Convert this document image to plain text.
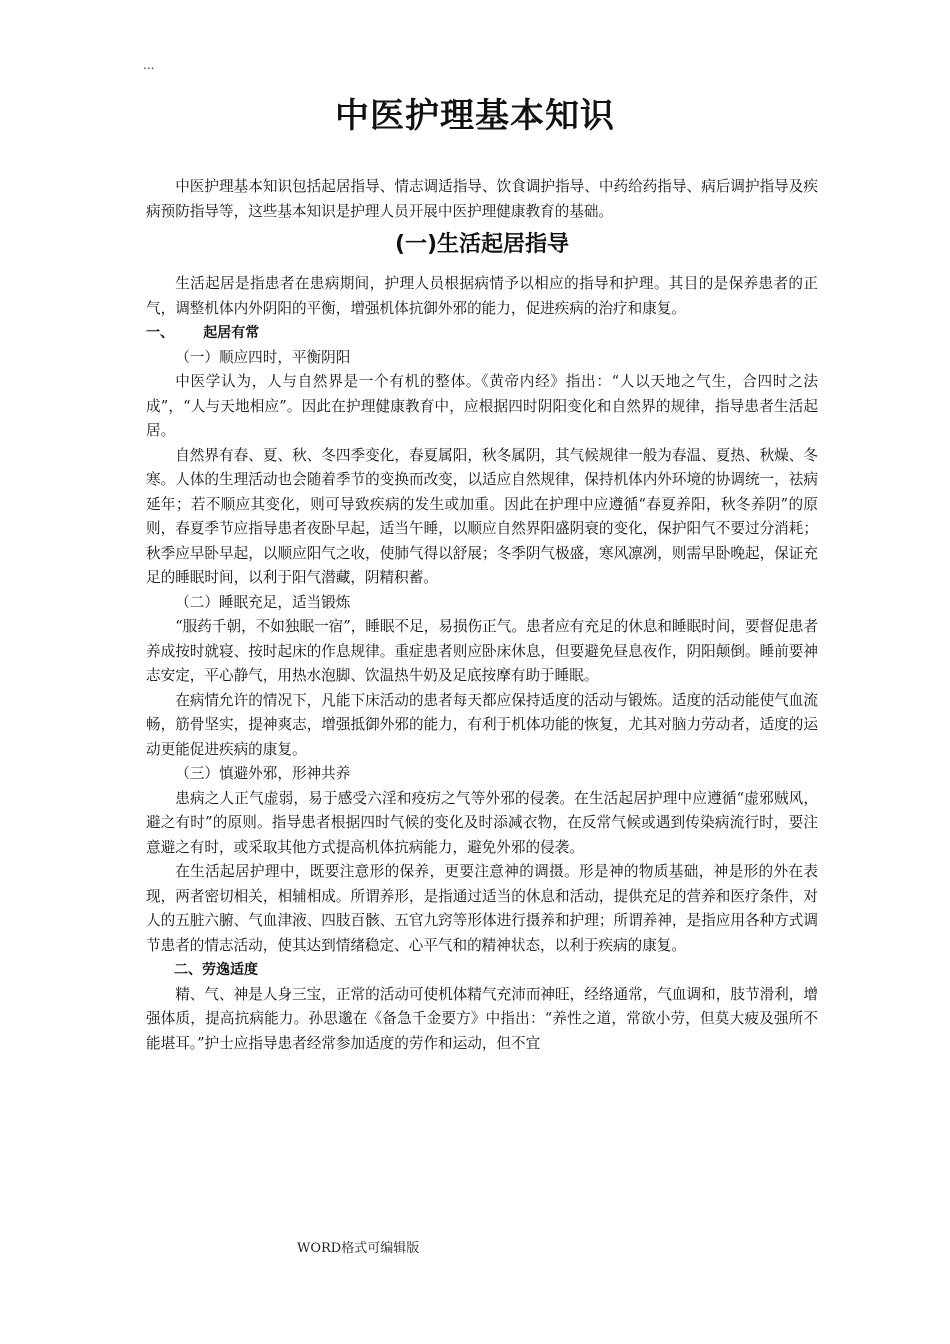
...
中医护理基本知识

中医护理基本知识包括起居指导、情志调适指导、饮食调护指导、中药给药指导、病后调护指导及疾病预防指导等，这些基本知识是护理人员开展中医护理健康教育的基础。

(一)生活起居指导

生活起居是指患者在患病期间，护理人员根据病情予以相应的指导和护理。其目的是保养患者的正气，调整机体内外阴阳的平衡，增强机体抗御外邪的能力，促进疾病的治疗和康复。

一、      起居有常
（一）顺应四时，平衡阴阳

中医学认为，人与自然界是一个有机的整体。《黄帝内经》指出：“人以天地之气生，合四时之法成”，“人与天地相应”。因此在护理健康教育中，应根据四时阴阳变化和自然界的规律，指导患者生活起居。

自然界有春、夏、秋、冬四季变化，春夏属阳，秋冬属阴，其气候规律一般为春温、夏热、秋燥、冬寒。人体的生理活动也会随着季节的变换而改变，以适应自然规律，保持机体内外环境的协调统一，祛病延年；若不顺应其变化，则可导致疾病的发生或加重。因此在护理中应遵循“春夏养阳，秋冬养阴”的原则，春夏季节应指导患者夜卧早起，适当午睡，以顺应自然界阳盛阴衰的变化，保护阳气不要过分消耗；秋季应早卧早起，以顺应阳气之收，使肺气得以舒展；冬季阴气极盛，寒风凛冽，则需早卧晚起，保证充足的睡眠时间，以利于阳气潜藏，阴精积蓄。

（二）睡眠充足，适当锻炼

“服药千朝，不如独眠一宿”，睡眠不足，易损伤正气。患者应有充足的休息和睡眠时间，要督促患者养成按时就寝、按时起床的作息规律。重症患者则应卧床休息，但要避免昼息夜作，阴阳颠倒。睡前要神志安定，平心静气，用热水泡脚、饮温热牛奶及足底按摩有助于睡眠。

在病情允许的情况下，凡能下床活动的患者每天都应保持适度的活动与锻炼。适度的活动能使气血流畅，筋骨坚实，提神爽志，增强抵御外邪的能力，有利于机体功能的恢复，尤其对脑力劳动者，适度的运动更能促进疾病的康复。

（三）慎避外邪，形神共养

患病之人正气虚弱，易于感受六淫和疫疠之气等外邪的侵袭。在生活起居护理中应遵循“虚邪贼风，避之有时”的原则。指导患者根据四时气候的变化及时添减衣物，在反常气候或遇到传染病流行时，要注意避之有时，或采取其他方式提高机体抗病能力，避免外邪的侵袭。

在生活起居护理中，既要注意形的保养，更要注意神的调摄。形是神的物质基础，神是形的外在表现，两者密切相关，相辅相成。所谓养形，是指通过适当的休息和活动，提供充足的营养和医疗条件，对人的五脏六腑、气血津液、四肢百骸、五官九窍等形体进行摄养和护理；所谓养神，是指应用各种方式调节患者的情志活动，使其达到情绪稳定、心平气和的精神状态，以利于疾病的康复。

二、劳逸适度

精、气、神是人身三宝，正常的活动可使机体精气充沛而神旺，经络通常，气血调和，肢节滑利，增强体质，提高抗病能力。孙思邈在《备急千金要方》中指出：“养性之道，常欲小劳，但莫大疲及强所不能堪耳。”护士应指导患者经常参加适度的劳作和运动，但不宜

WORD格式可编辑版
